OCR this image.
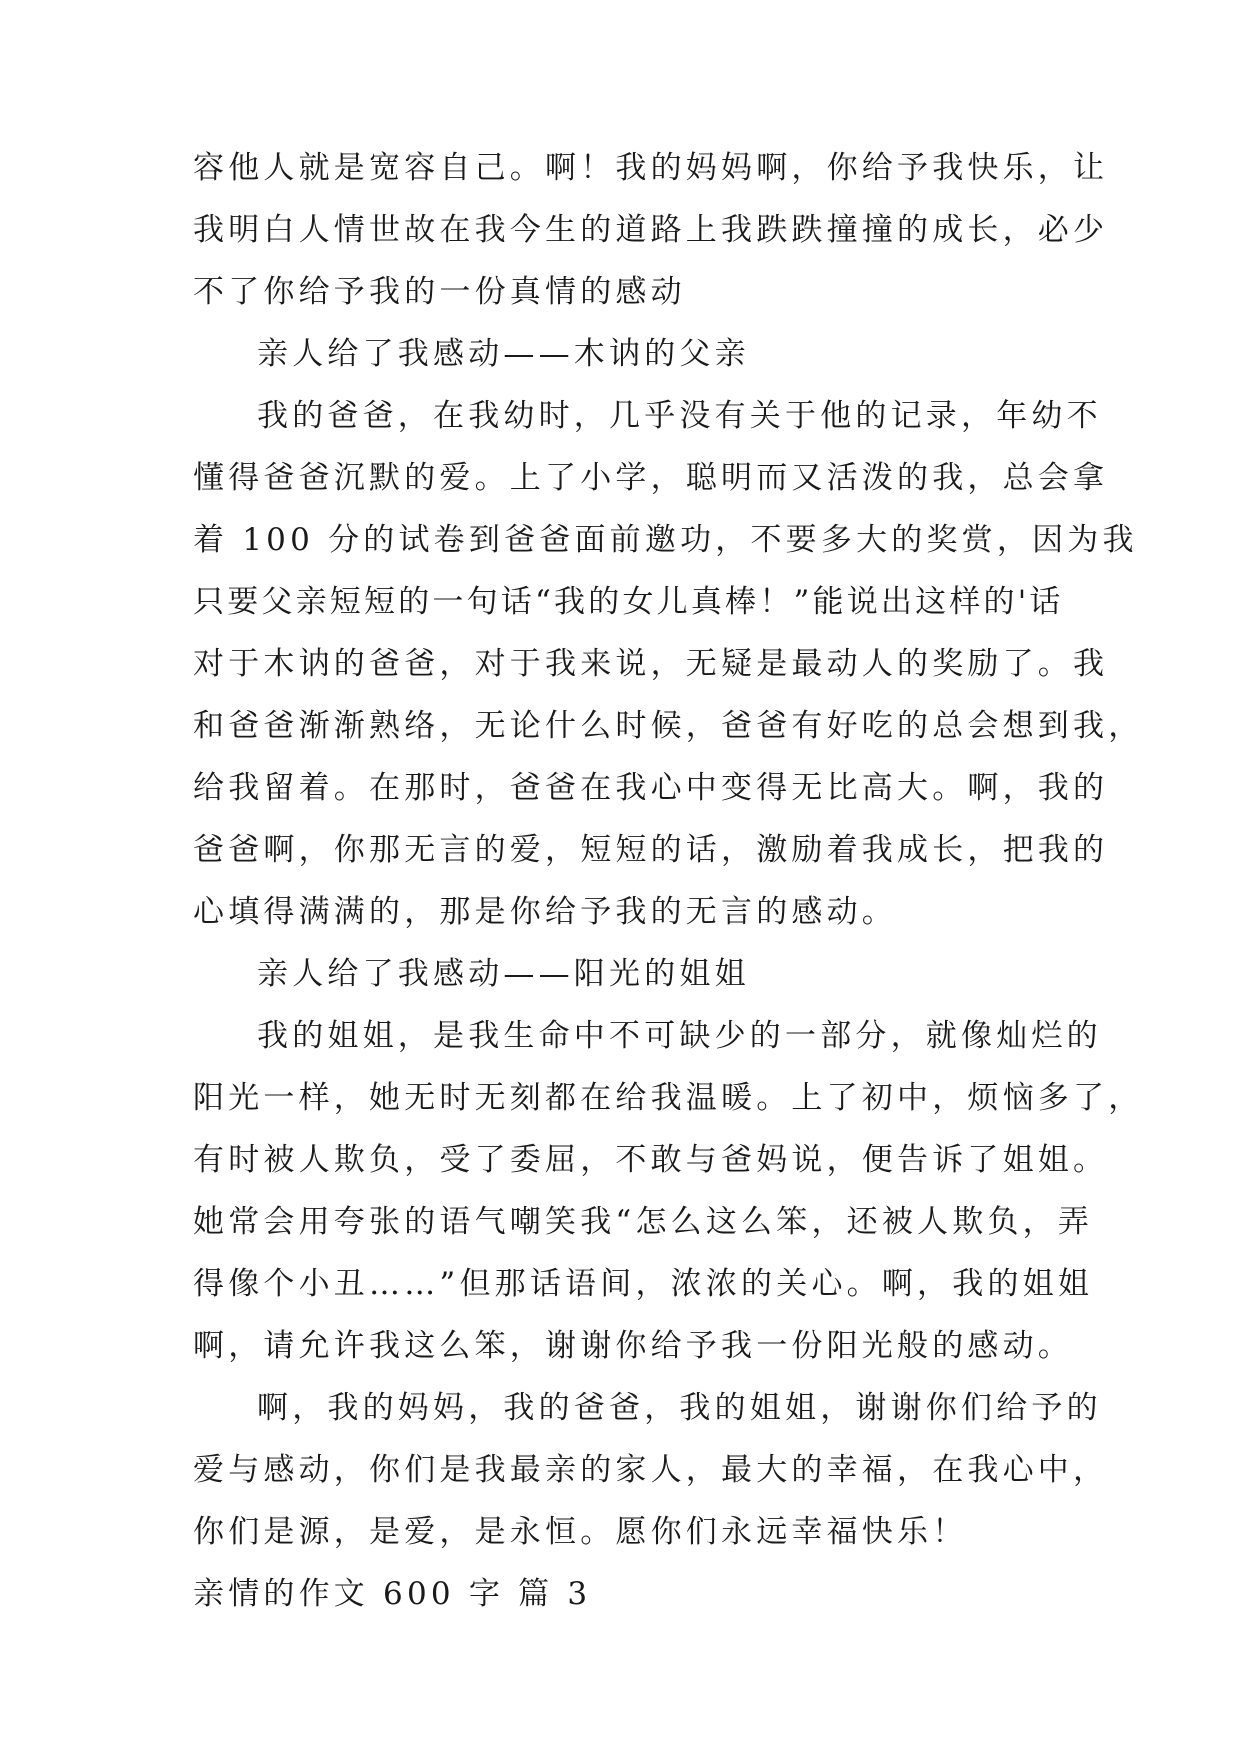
容他人就是宽容自己。啊！我的妈妈啊，你给予我快乐，让
我明白人情世故在我今生的道路上我跌跌撞撞的成长，必少
不了你给予我的一份真情的感动
亲人给了我感动——木讷的父亲
我的爸爸，在我幼时，几乎没有关于他的记录，年幼不
懂得爸爸沉默的爱。上了小学，聪明而又活泼的我，总会拿
着 100 分的试卷到爸爸面前邀功，不要多大的奖赏，因为我
只要父亲短短的一句话“我的女儿真棒！”能说出这样的'话
对于木讷的爸爸，对于我来说，无疑是最动人的奖励了。我
和爸爸渐渐熟络，无论什么时候，爸爸有好吃的总会想到我，
给我留着。在那时，爸爸在我心中变得无比高大。啊，我的
爸爸啊，你那无言的爱，短短的话，激励着我成长，把我的
心填得满满的，那是你给予我的无言的感动。
亲人给了我感动——阳光的姐姐
我的姐姐，是我生命中不可缺少的一部分，就像灿烂的
阳光一样，她无时无刻都在给我温暖。上了初中，烦恼多了，
有时被人欺负，受了委屈，不敢与爸妈说，便告诉了姐姐。
她常会用夸张的语气嘲笑我“怎么这么笨，还被人欺负，弄
得像个小丑……”但那话语间，浓浓的关心。啊，我的姐姐
啊，请允许我这么笨，谢谢你给予我一份阳光般的感动。
啊，我的妈妈，我的爸爸，我的姐姐，谢谢你们给予的
爱与感动，你们是我最亲的家人，最大的幸福，在我心中，
你们是源，是爱，是永恒。愿你们永远幸福快乐！
亲情的作文 600 字 篇 3
